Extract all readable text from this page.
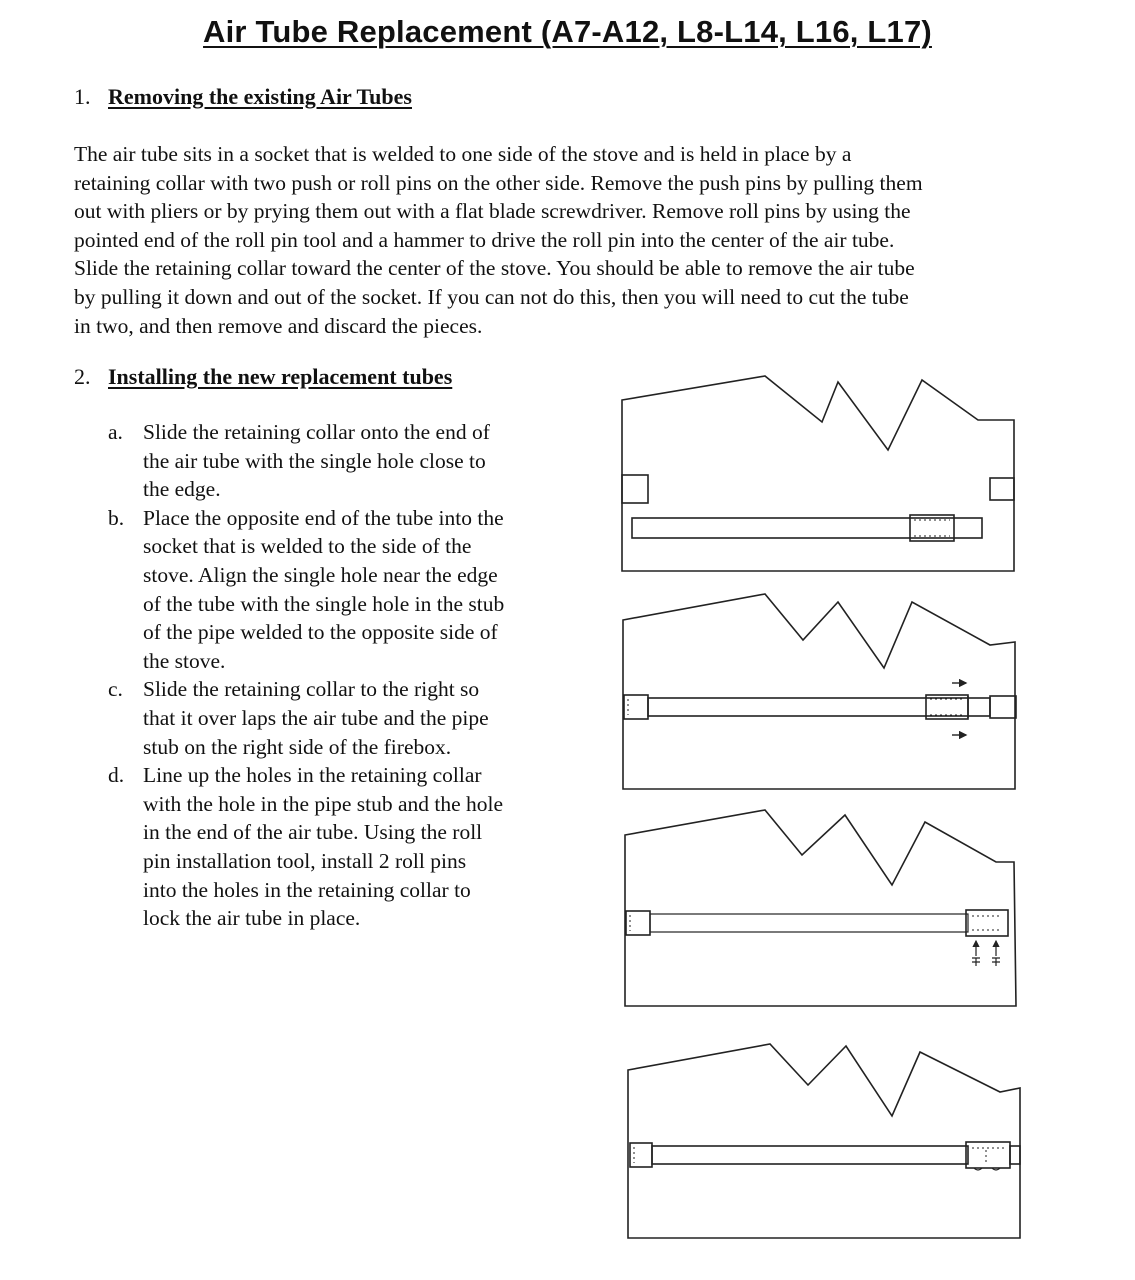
Air Tube Replacement (A7-A12, L8-L14, L16, L17)
1. Removing the existing Air Tubes
The air tube sits in a socket that is welded to one side of the stove and is held in place by a
retaining collar with two push or roll pins on the other side. Remove the push pins by pulling them
out with pliers or by prying them out with a flat blade screwdriver. Remove roll pins by using the
pointed end of the roll pin tool and a hammer to drive the roll pin into the center of the air tube.
Slide the retaining collar toward the center of the stove. You should be able to remove the air tube
by pulling it down and out of the socket. If you can not do this, then you will need to cut the tube
in two, and then remove and discard the pieces.
2. Installing the new replacement tubes
a. Slide the retaining collar onto the end of
the air tube with the single hole close to
the edge.
b. Place the opposite end of the tube into the
socket that is welded to the side of the
stove. Align the single hole near the edge
of the tube with the single hole in the stub
of the pipe welded to the opposite side of
the stove.
c. Slide the retaining collar to the right so
that it over laps the air tube and the pipe
stub on the right side of the firebox.
d. Line up the holes in the retaining collar
with the hole in the pipe stub and the hole
in the end of the air tube. Using the roll
pin installation tool, install 2 roll pins
into the holes in the retaining collar to
lock the air tube in place.
